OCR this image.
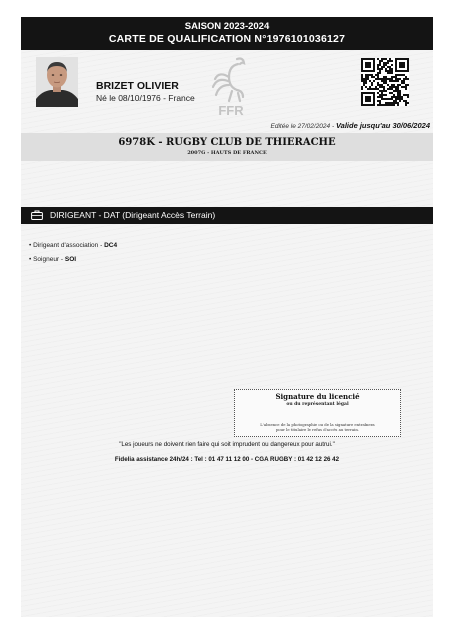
SAISON 2023-2024
CARTE DE QUALIFICATION N°1976101036127
BRIZET OLIVIER
Né le 08/10/1976 - France
FFR
Editée le 27/02/2024 - Valide jusqu'au 30/06/2024
6978K - RUGBY CLUB DE THIERACHE
2007G - HAUTS DE FRANCE
DIRIGEANT - DAT (Dirigeant Accès Terrain)
• Dirigeant d'association - DC4
• Soigneur - SOI
Signature du licencié
ou du représentant légal
L'absence de la photographie ou de la signature entraînera
pour le titulaire le refus d'accès au terrain.
"Les joueurs ne doivent rien faire qui soit imprudent ou dangereux pour autrui."
Fidelia assistance 24h/24 : Tel : 01 47 11 12 00 - CGA RUGBY : 01 42 12 26 42
